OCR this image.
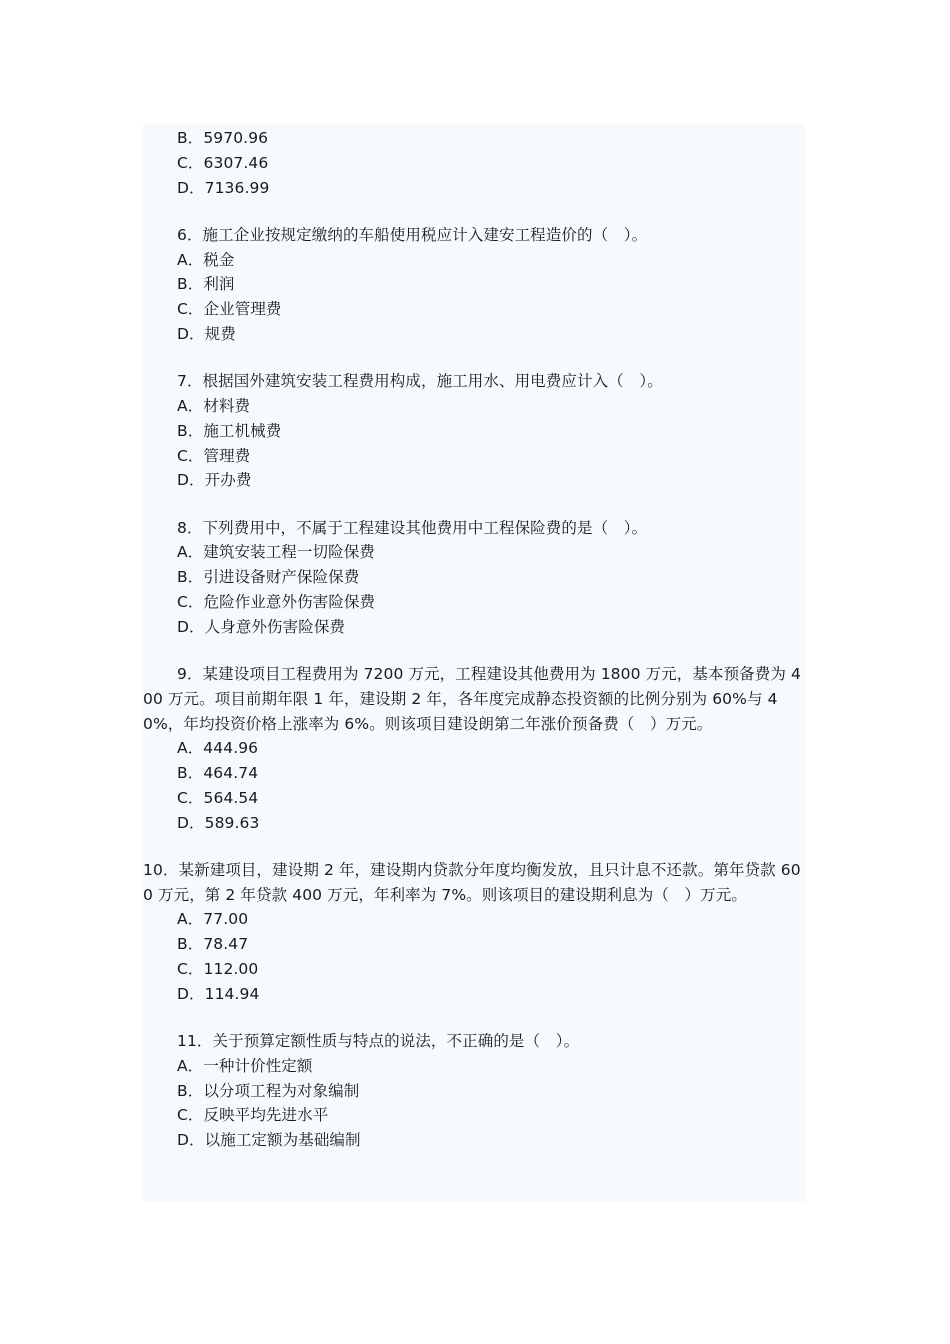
B．5970.96
C．6307.46
D．7136.99
6．施工企业按规定缴纳的车船使用税应计入建安工程造价的（　）。
A．税金
B．利润
C．企业管理费
D．规费
7．根据国外建筑安装工程费用构成，施工用水、用电费应计入（　）。
A．材料费
B．施工机械费
C．管理费
D．开办费
8．下列费用中，不属于工程建设其他费用中工程保险费的是（　）。
A．建筑安装工程一切险保费
B．引进设备财产保险保费
C．危险作业意外伤害险保费
D．人身意外伤害险保费
9．某建设项目工程费用为 7200 万元，工程建设其他费用为 1800 万元，基本预备费为 400 万元。项目前期年限 1 年，建设期 2 年，各年度完成静态投资额的比例分别为 60%与 40%，年均投资价格上涨率为 6%。则该项目建设朗第二年涨价预备费（　）万元。
A．444.96
B．464.74
C．564.54
D．589.63
10．某新建项目，建设期 2 年，建设期内贷款分年度均衡发放，且只计息不还款。第年贷款 600 万元，第 2 年贷款 400 万元，年利率为 7%。则该项目的建设期利息为（　）万元。
A．77.00
B．78.47
C．112.00
D．114.94
11．关于预算定额性质与特点的说法，不正确的是（　）。
A．一种计价性定额
B．以分项工程为对象编制
C．反映平均先进水平
D．以施工定额为基础编制
